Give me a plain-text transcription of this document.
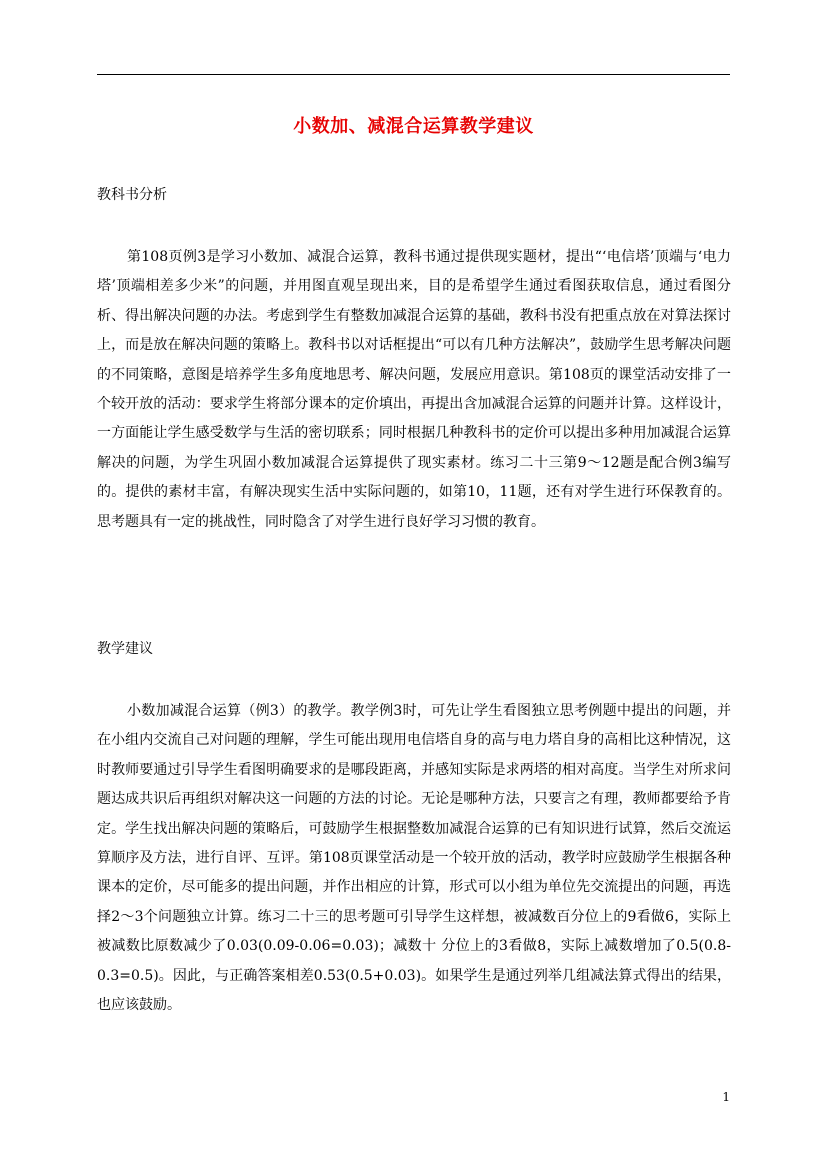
小数加、减混合运算教学建议
教科书分析

第108页例3是学习小数加、减混合运算，教科书通过提供现实题材，提出“‘电信塔’顶端与‘电力塔’顶端相差多少米”的问题，并用图直观呈现出来，目的是希望学生通过看图获取信息，通过看图分析、得出解决问题的办法。考虑到学生有整数加减混合运算的基础，教科书没有把重点放在对算法探讨上，而是放在解决问题的策略上。教科书以对话框提出“可以有几种方法解决”，鼓励学生思考解决问题的不同策略，意图是培养学生多角度地思考、解决问题，发展应用意识。第108页的课堂活动安排了一个较开放的活动：要求学生将部分课本的定价填出，再提出含加减混合运算的问题并计算。这样设计，一方面能让学生感受数学与生活的密切联系；同时根据几种教科书的定价可以提出多种用加减混合运算解决的问题，为学生巩固小数加减混合运算提供了现实素材。练习二十三第9～12题是配合例3编写的。提供的素材丰富，有解决现实生活中实际问题的，如第10，11题，还有对学生进行环保教育的。思考题具有一定的挑战性，同时隐含了对学生进行良好学习习惯的教育。

教学建议

小数加减混合运算（例3）的教学。教学例3时，可先让学生看图独立思考例题中提出的问题，并在小组内交流自己对问题的理解，学生可能出现用电信塔自身的高与电力塔自身的高相比这种情况，这时教师要通过引导学生看图明确要求的是哪段距离，并感知实际是求两塔的相对高度。当学生对所求问题达成共识后再组织对解决这一问题的方法的讨论。无论是哪种方法，只要言之有理，教师都要给予肯定。学生找出解决问题的策略后，可鼓励学生根据整数加减混合运算的已有知识进行试算，然后交流运算顺序及方法，进行自评、互评。第108页课堂活动是一个较开放的活动，教学时应鼓励学生根据各种课本的定价，尽可能多的提出问题，并作出相应的计算，形式可以小组为单位先交流提出的问题，再选择2～3个问题独立计算。练习二十三的思考题可引导学生这样想，被减数百分位上的9看做6，实际上被减数比原数减少了0.03(0.09-0.06=0.03)；减数十 分位上的3看做8，实际上减数增加了0.5(0.8-0.3=0.5)。因此，与正确答案相差0.53(0.5+0.03)。如果学生是通过列举几组减法算式得出的结果，也应该鼓励。

1
